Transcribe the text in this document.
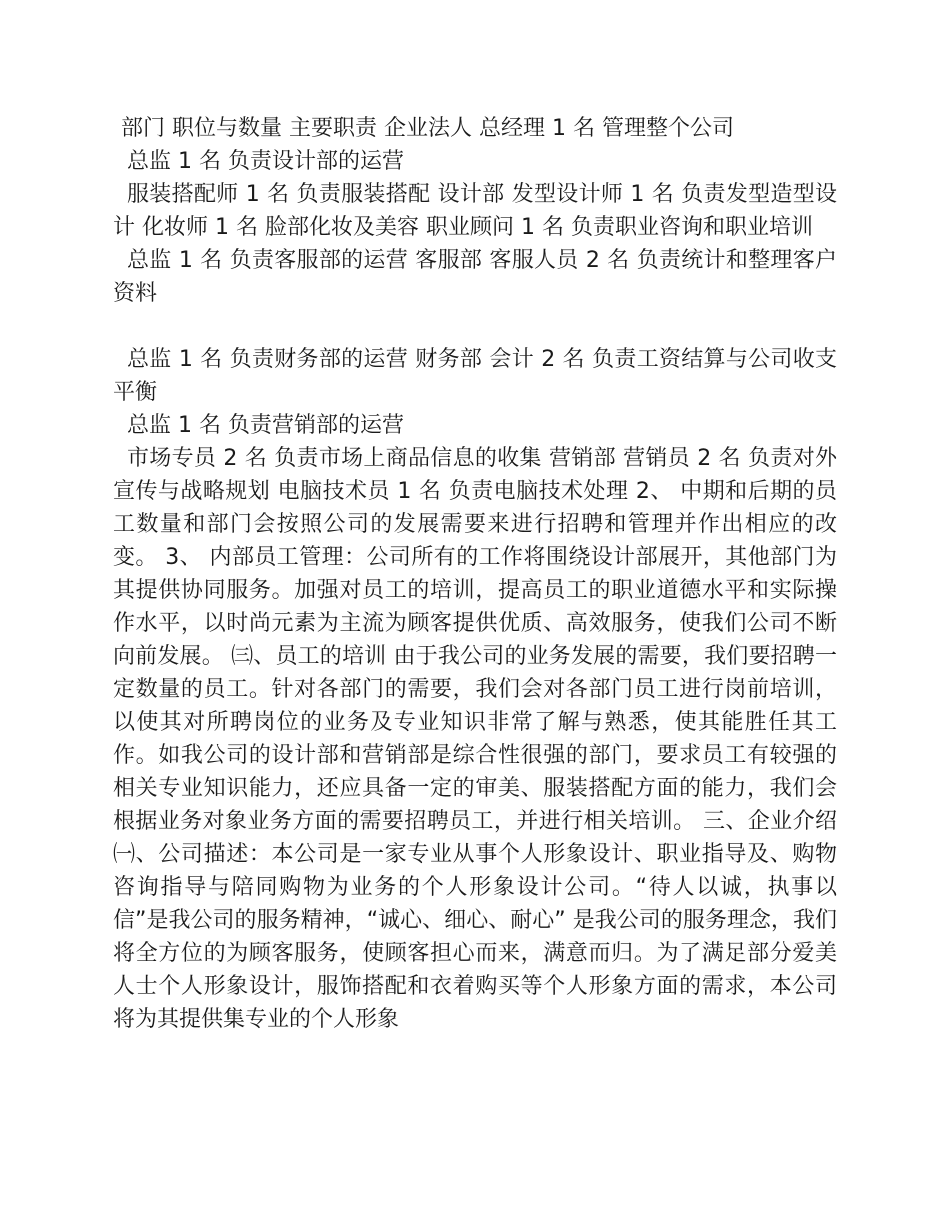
部门 职位与数量 主要职责 企业法人 总经理 1 名 管理整个公司

总监 1 名 负责设计部的运营

服装搭配师 1 名 负责服装搭配 设计部 发型设计师 1 名 负责发型造型设计 化妆师 1 名 脸部化妆及美容 职业顾问 1 名 负责职业咨询和职业培训

总监 1 名 负责客服部的运营 客服部 客服人员 2 名 负责统计和整理客户资料

总监 1 名 负责财务部的运营 财务部 会计 2 名 负责工资结算与公司收支平衡

总监 1 名 负责营销部的运营

市场专员 2 名 负责市场上商品信息的收集 营销部 营销员 2 名 负责对外宣传与战略规划 电脑技术员 1 名 负责电脑技术处理 2、 中期和后期的员工数量和部门会按照公司的发展需要来进行招聘和管理并作出相应的改变。 3、 内部员工管理：公司所有的工作将围绕设计部展开，其他部门为其提供协同服务。加强对员工的培训，提高员工的职业道德水平和实际操作水平，以时尚元素为主流为顾客提供优质、高效服务，使我们公司不断向前发展。 ㈢、员工的培训 由于我公司的业务发展的需要，我们要招聘一定数量的员工。针对各部门的需要，我们会对各部门员工进行岗前培训，以使其对所聘岗位的业务及专业知识非常了解与熟悉，使其能胜任其工作。如我公司的设计部和营销部是综合性很强的部门，要求员工有较强的相关专业知识能力，还应具备一定的审美、服装搭配方面的能力，我们会根据业务对象业务方面的需要招聘员工，并进行相关培训。 三、企业介绍 ㈠、公司描述：本公司是一家专业从事个人形象设计、职业指导及、购物咨询指导与陪同购物为业务的个人形象设计公司。“待人以诚，执事以信”是我公司的服务精神，“诚心、细心、耐心” 是我公司的服务理念，我们将全方位的为顾客服务，使顾客担心而来，满意而归。为了满足部分爱美人士个人形象设计，服饰搭配和衣着购买等个人形象方面的需求，本公司将为其提供集专业的个人形象
